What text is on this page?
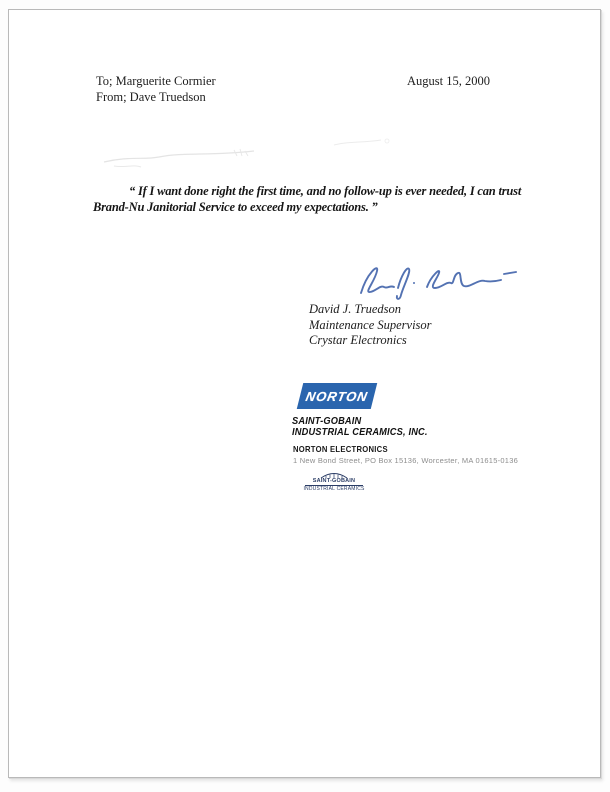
To; Marguerite Cormier
From; Dave Truedson
August 15, 2000
“ If I want done right the first time, and no follow-up is ever needed, I can trust
Brand-Nu Janitorial Service to exceed my expectations. ”
David J. Truedson
Maintenance Supervisor
Crystar Electronics
NORTON
SAINT-GOBAIN
INDUSTRIAL CERAMICS, INC.
NORTON ELECTRONICS
1 New Bond Street, PO Box 15136, Worcester, MA 01615-0136
SAINT-GOBAIN
INDUSTRIAL CERAMICS
